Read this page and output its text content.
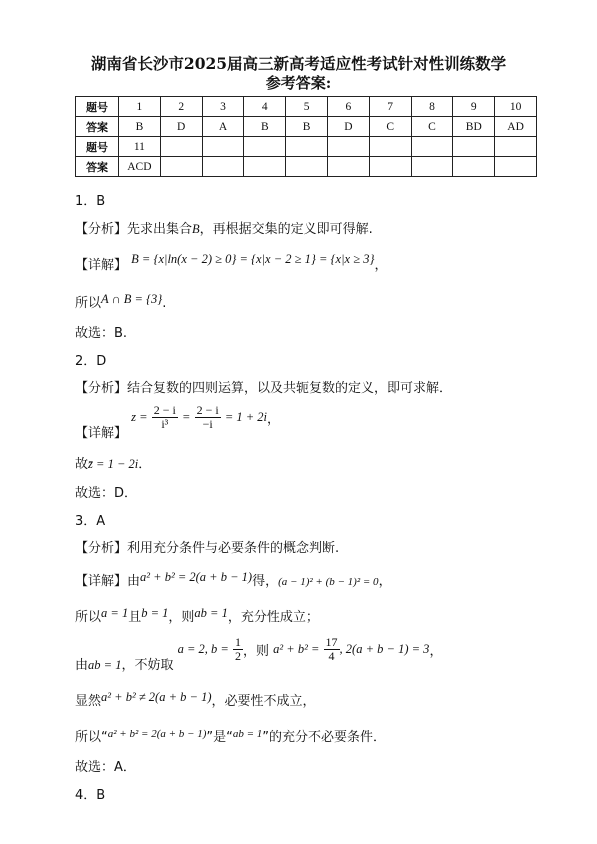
湖南省长沙市2025届高三新高考适应性考试针对性训练数学
参考答案:
题号	1	2	3	4	5	6	7	8	9	10
答案	B	D	A	B	B	D	C	C	BD	AD
题号	11									
答案	ACD									
1．B
【分析】先求出集合B，再根据交集的定义即可得解.
【详解】 B = {x|ln(x − 2) ≥ 0} = {x|x − 2 ≥ 1} = {x|x ≥ 3}，
所以A ∩ B = {3}.
故选：B.
2．D
【分析】结合复数的四则运算，以及共轭复数的定义，即可求解．
【详解】 $z = \frac{2 - i}{\text{i³}} = \frac{2 - i}{-i} = 1 + 2i$，
故z̄ = 1 − 2i．
故选：D．
3．A
【分析】利用充分条件与必要条件的概念判断.
【详解】由a² + b² = 2(a + b − 1)得，(a − 1)² + (b − 1)² = 0，
所以a = 1且b = 1，则ab = 1，充分性成立；
由ab = 1，不妨取 a = 2, $b = \frac{1}{2}$ ，则 $a^2 + b^2 = \frac{17}{4}$ , 2(a + b − 1) = 3，
显然a² + b² ≠ 2(a + b − 1)，必要性不成立，
所以“$^{a^2 + b^2 = 2(a + b - 1)}$”是“$^{ab = 1}$”的充分不必要条件．
故选：A．
4．B
